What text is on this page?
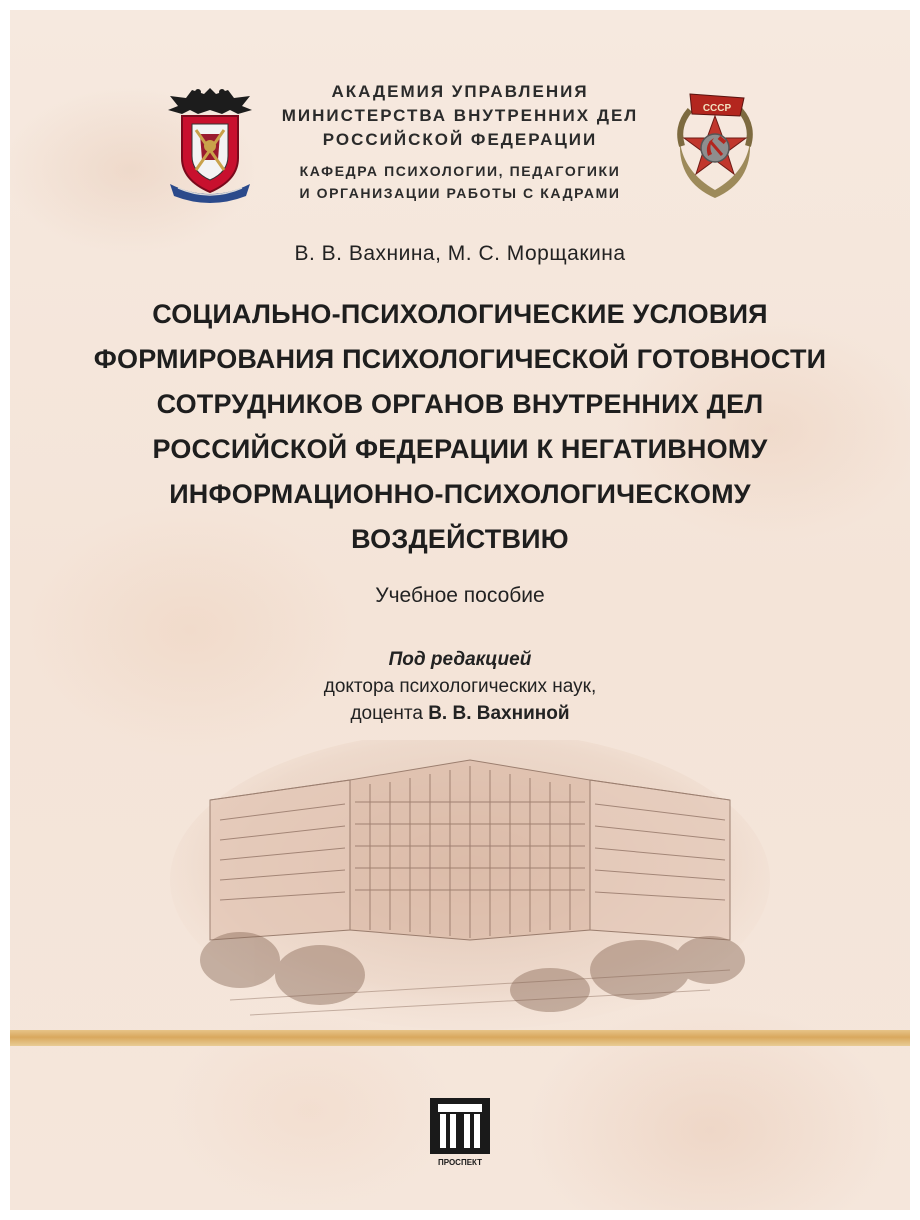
СССР
АКАДЕМИЯ УПРАВЛЕНИЯ
МИНИСТЕРСТВА ВНУТРЕННИХ ДЕЛ
РОССИЙСКОЙ ФЕДЕРАЦИИ
КАФЕДРА ПСИХОЛОГИИ, ПЕДАГОГИКИ
И ОРГАНИЗАЦИИ РАБОТЫ С КАДРАМИ
В. В. Вахнина, М. С. Морщакина
СОЦИАЛЬНО-ПСИХОЛОГИЧЕСКИЕ УСЛОВИЯ
ФОРМИРОВАНИЯ ПСИХОЛОГИЧЕСКОЙ ГОТОВНОСТИ
СОТРУДНИКОВ ОРГАНОВ ВНУТРЕННИХ ДЕЛ
РОССИЙСКОЙ ФЕДЕРАЦИИ К НЕГАТИВНОМУ
ИНФОРМАЦИОННО-ПСИХОЛОГИЧЕСКОМУ
ВОЗДЕЙСТВИЮ
Учебное пособие
Под редакцией
доктора психологических наук,
доцента В. В. Вахниной
ПРОСПЕКТ
